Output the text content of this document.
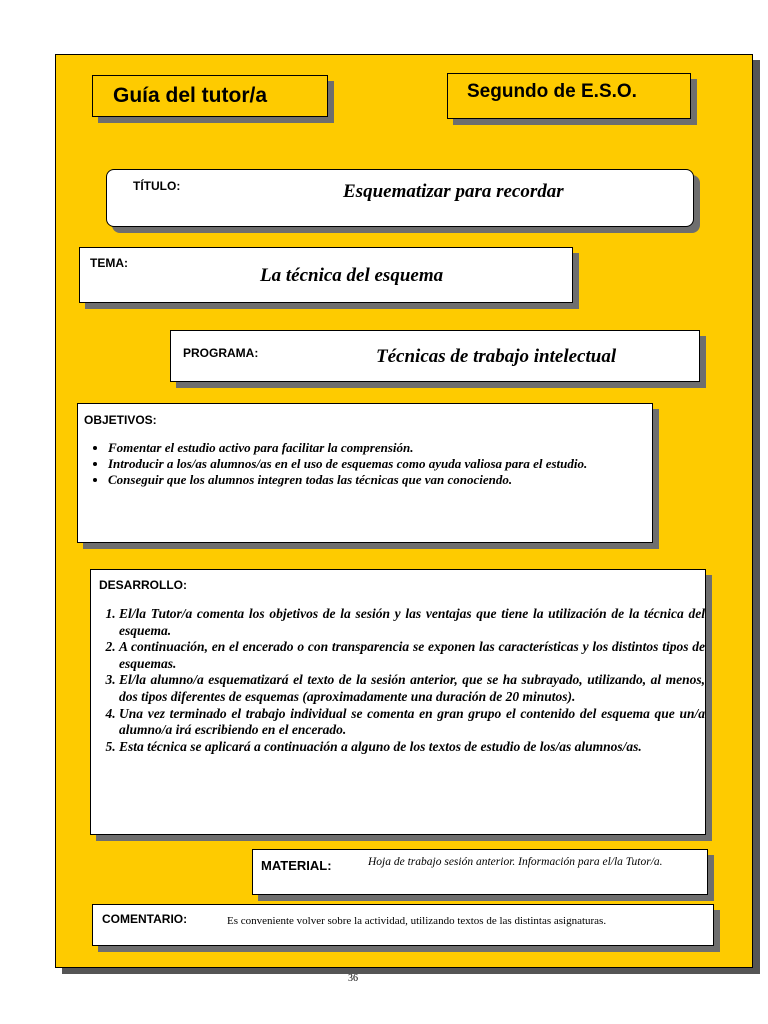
Guía del tutor/a	Segundo de E.S.O.
TÍTULO:	Esquematizar para recordar
TEMA:
La técnica del esquema
PROGRAMA:	Técnicas de trabajo intelectual
OBJETIVOS:
• Fomentar el estudio activo para facilitar la comprensión.
• Introducir a los/as alumnos/as en el uso de esquemas como ayuda valiosa para el estudio.
• Conseguir que los alumnos integren todas las técnicas que van conociendo.
DESARROLLO:
1. El/la Tutor/a comenta los objetivos de la sesión y las ventajas que tiene la utilización de la técnica del esquema.
2. A continuación, en el encerado o con transparencia se exponen las características y los distintos tipos de esquemas.
3. El/la alumno/a esquematizará el texto de la sesión anterior, que se ha subrayado, utilizando, al menos, dos tipos diferentes de esquemas (aproximadamente una duración de 20 minutos).
4. Una vez terminado el trabajo individual se comenta en gran grupo el contenido del esquema que un/a alumno/a irá escribiendo en el encerado.
5. Esta técnica se aplicará a continuación a alguno de los textos de estudio de los/as alumnos/as.
MATERIAL:	Hoja de trabajo sesión anterior. Información para el/la Tutor/a.
COMENTARIO:	Es conveniente volver sobre la actividad, utilizando textos de las distintas asignaturas.
36
